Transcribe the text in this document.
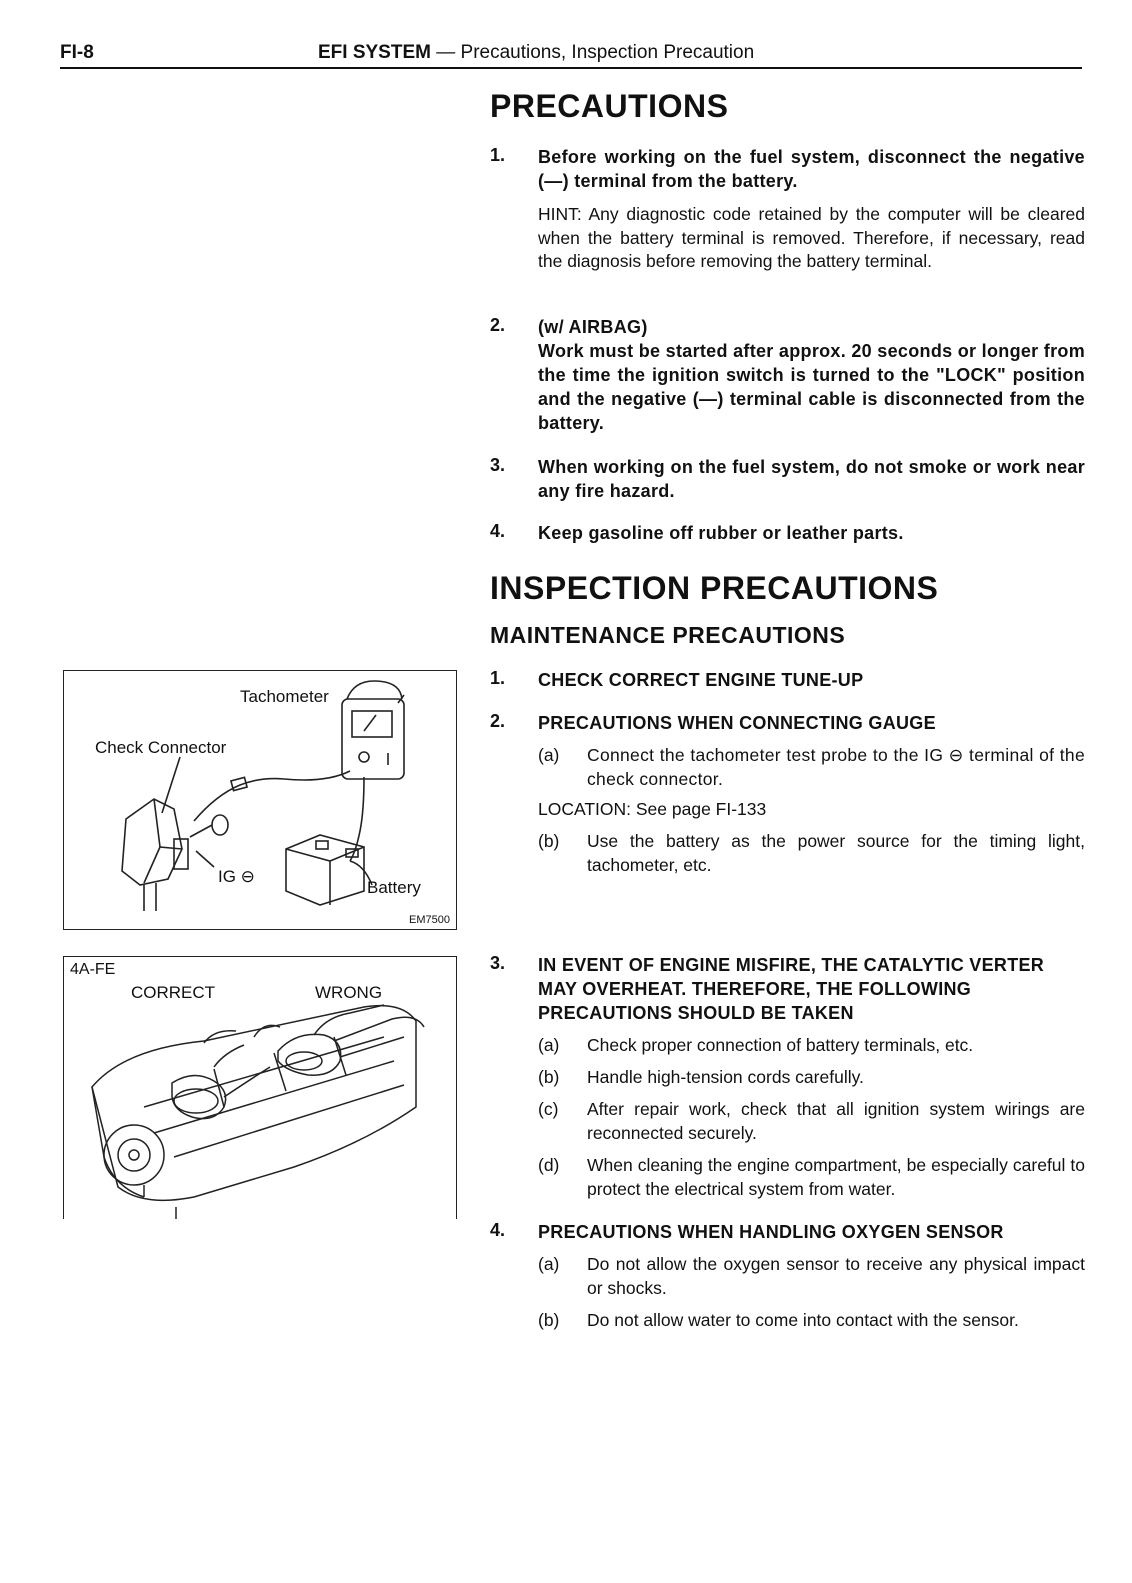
FI-8	EFI SYSTEM — Precautions, Inspection Precaution
PRECAUTIONS
1. Before working on the fuel system, disconnect the negative (—) terminal from the battery.
HINT: Any diagnostic code retained by the computer will be cleared when the battery terminal is removed. Therefore, if necessary, read the diagnosis before removing the battery terminal.
2. (w/ AIRBAG)
Work must be started after approx. 20 seconds or longer from the time the ignition switch is turned to the "LOCK" position and the negative (—) terminal cable is disconnected from the battery.
3. When working on the fuel system, do not smoke or work near any fire hazard.
4. Keep gasoline off rubber or leather parts.
INSPECTION PRECAUTIONS
MAINTENANCE PRECAUTIONS
1. CHECK CORRECT ENGINE TUNE-UP
2. PRECAUTIONS WHEN CONNECTING GAUGE
(a) Connect the tachometer test probe to the IG ⊖ terminal of the check connector.
LOCATION: See page FI-133
(b) Use the battery as the power source for the timing light, tachometer, etc.
3. IN EVENT OF ENGINE MISFIRE, THE CATALYTIC VERTER MAY OVERHEAT. THEREFORE, THE FOLLOWING PRECAUTIONS SHOULD BE TAKEN
(a) Check proper connection of battery terminals, etc.
(b) Handle high-tension cords carefully.
(c) After repair work, check that all ignition system wirings are reconnected securely.
(d) When cleaning the engine compartment, be especially careful to protect the electrical system from water.
4. PRECAUTIONS WHEN HANDLING OXYGEN SENSOR
(a) Do not allow the oxygen sensor to receive any physical impact or shocks.
(b) Do not allow water to come into contact with the sensor.
Tachometer
Check Connector
IG ⊖
Battery
EM7500
4A-FE
CORRECT	WRONG
